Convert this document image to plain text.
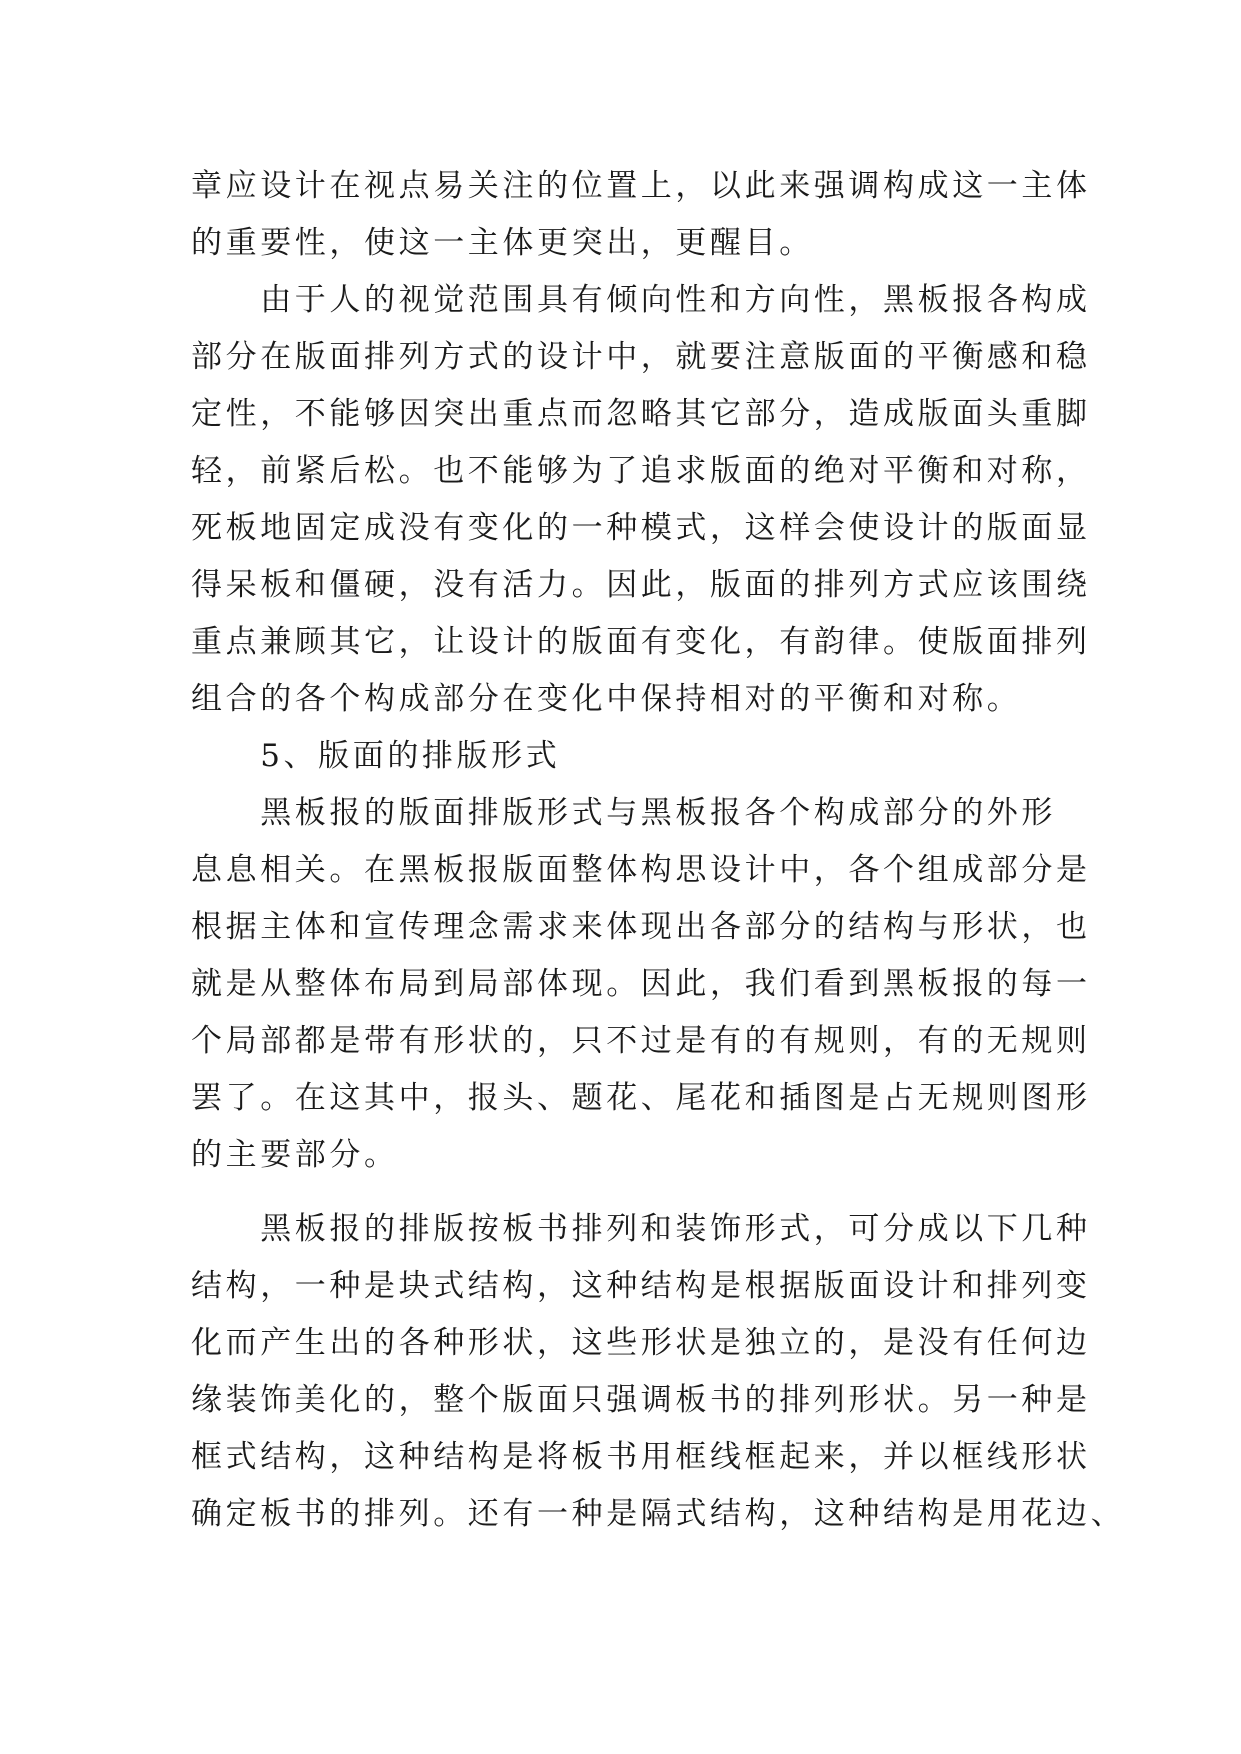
章应设计在视点易关注的位置上，以此来强调构成这一主体
的重要性，使这一主体更突出，更醒目。
　　由于人的视觉范围具有倾向性和方向性，黑板报各构成
部分在版面排列方式的设计中，就要注意版面的平衡感和稳
定性，不能够因突出重点而忽略其它部分，造成版面头重脚
轻，前紧后松。也不能够为了追求版面的绝对平衡和对称，
死板地固定成没有变化的一种模式，这样会使设计的版面显
得呆板和僵硬，没有活力。因此，版面的排列方式应该围绕
重点兼顾其它，让设计的版面有变化，有韵律。使版面排列
组合的各个构成部分在变化中保持相对的平衡和对称。
　　5、版面的排版形式
　　黑板报的版面排版形式与黑板报各个构成部分的外形
息息相关。在黑板报版面整体构思设计中，各个组成部分是
根据主体和宣传理念需求来体现出各部分的结构与形状，也
就是从整体布局到局部体现。因此，我们看到黑板报的每一
个局部都是带有形状的，只不过是有的有规则，有的无规则
罢了。在这其中，报头、题花、尾花和插图是占无规则图形
的主要部分。
　　黑板报的排版按板书排列和装饰形式，可分成以下几种
结构，一种是块式结构，这种结构是根据版面设计和排列变
化而产生出的各种形状，这些形状是独立的，是没有任何边
缘装饰美化的，整个版面只强调板书的排列形状。另一种是
框式结构，这种结构是将板书用框线框起来，并以框线形状
确定板书的排列。还有一种是隔式结构，这种结构是用花边、
